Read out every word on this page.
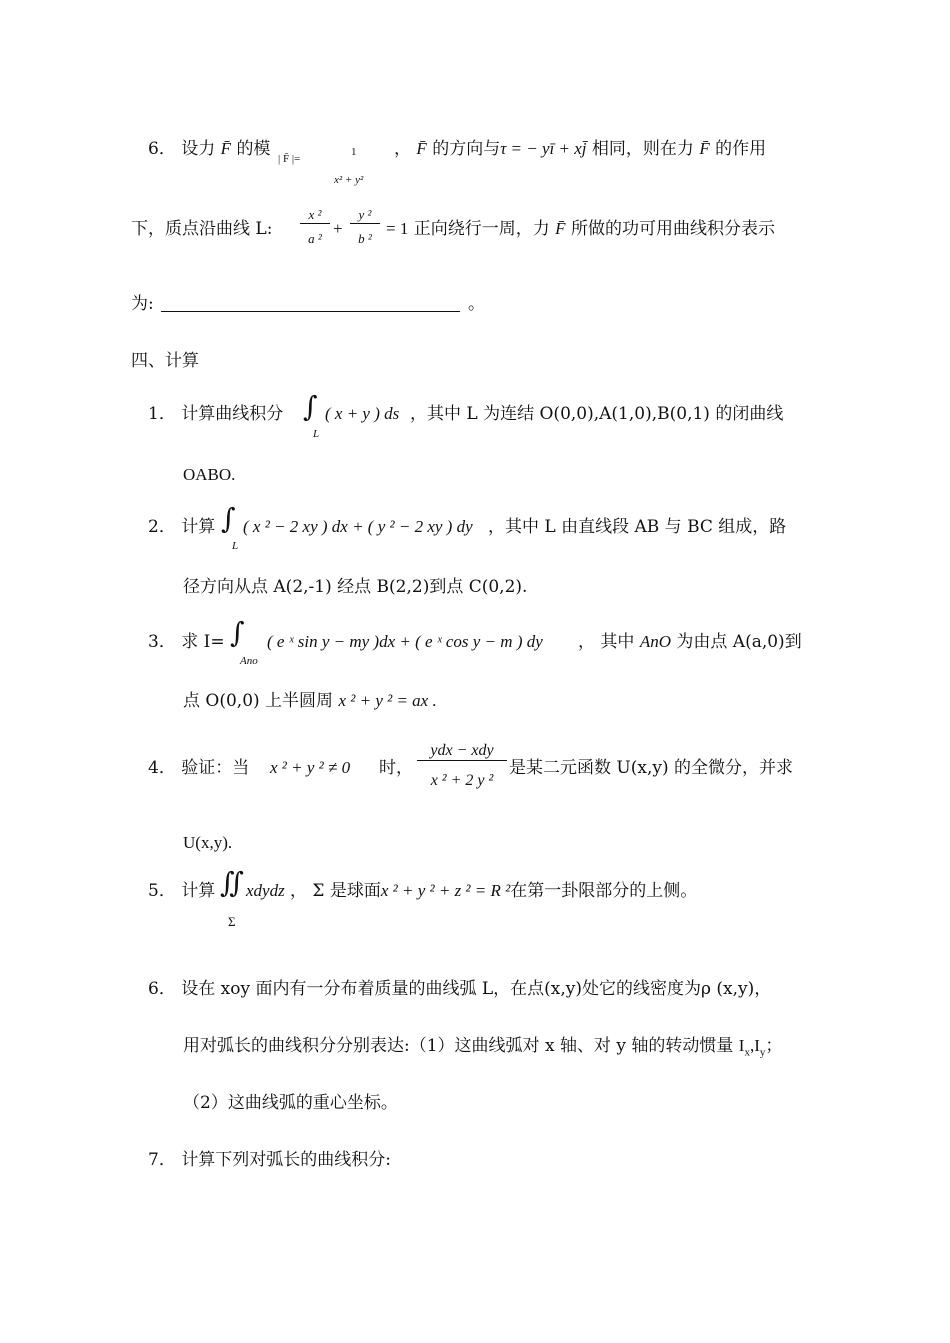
6． 设力 F̄ 的模 | F̄ |=
1
x² + y²
， F̄ 的方向与τ = − yī + xj̄ 相同，则在力 F̄ 的作用
下，质点沿曲线 L:
x ²
a ²
+
y ²
b ²
= 1 正向绕行一周，力 F̄ 所做的功可用曲线积分表示
为:	。
四、计算
1． 计算曲线积分 ∫
L
( x + y ) ds ，其中 L 为连结 O(0,0),A(1,0),B(0,1) 的闭曲线
OABO.
2． 计算 ∫
L
( x ² − 2 xy ) dx + ( y ² − 2 xy ) dy ，其中 L 由直线段 AB 与 BC 组成，路
径方向从点 A(2,-1) 经点 B(2,2)到点 C(0,2).
3． 求 I= ∫
Ano
( e ˣ sin y − my )dx + ( e ˣ cos y − m ) dy ， 其中 AnO 为由点 A(a,0)到
点 O(0,0) 上半圆周 x ² + y ² = ax .
4． 验证：当 x ² + y ² ≠ 0 时，
ydx − xdy
x ² + 2 y ²
是某二元函数 U(x,y) 的全微分，并求
U(x,y).
5． 计算 ∬
Σ
xdydz ， Σ 是球面x ² + y ² + z ² = R ²在第一卦限部分的上侧。
6． 设在 xoy 面内有一分布着质量的曲线弧 L，在点(x,y)处它的线密度为ρ (x,y)，
用对弧长的曲线积分分别表达:（1）这曲线弧对 x 轴、对 y 轴的转动惯量 $I_x,I_y$；
（2）这曲线弧的重心坐标。
7． 计算下列对弧长的曲线积分:
